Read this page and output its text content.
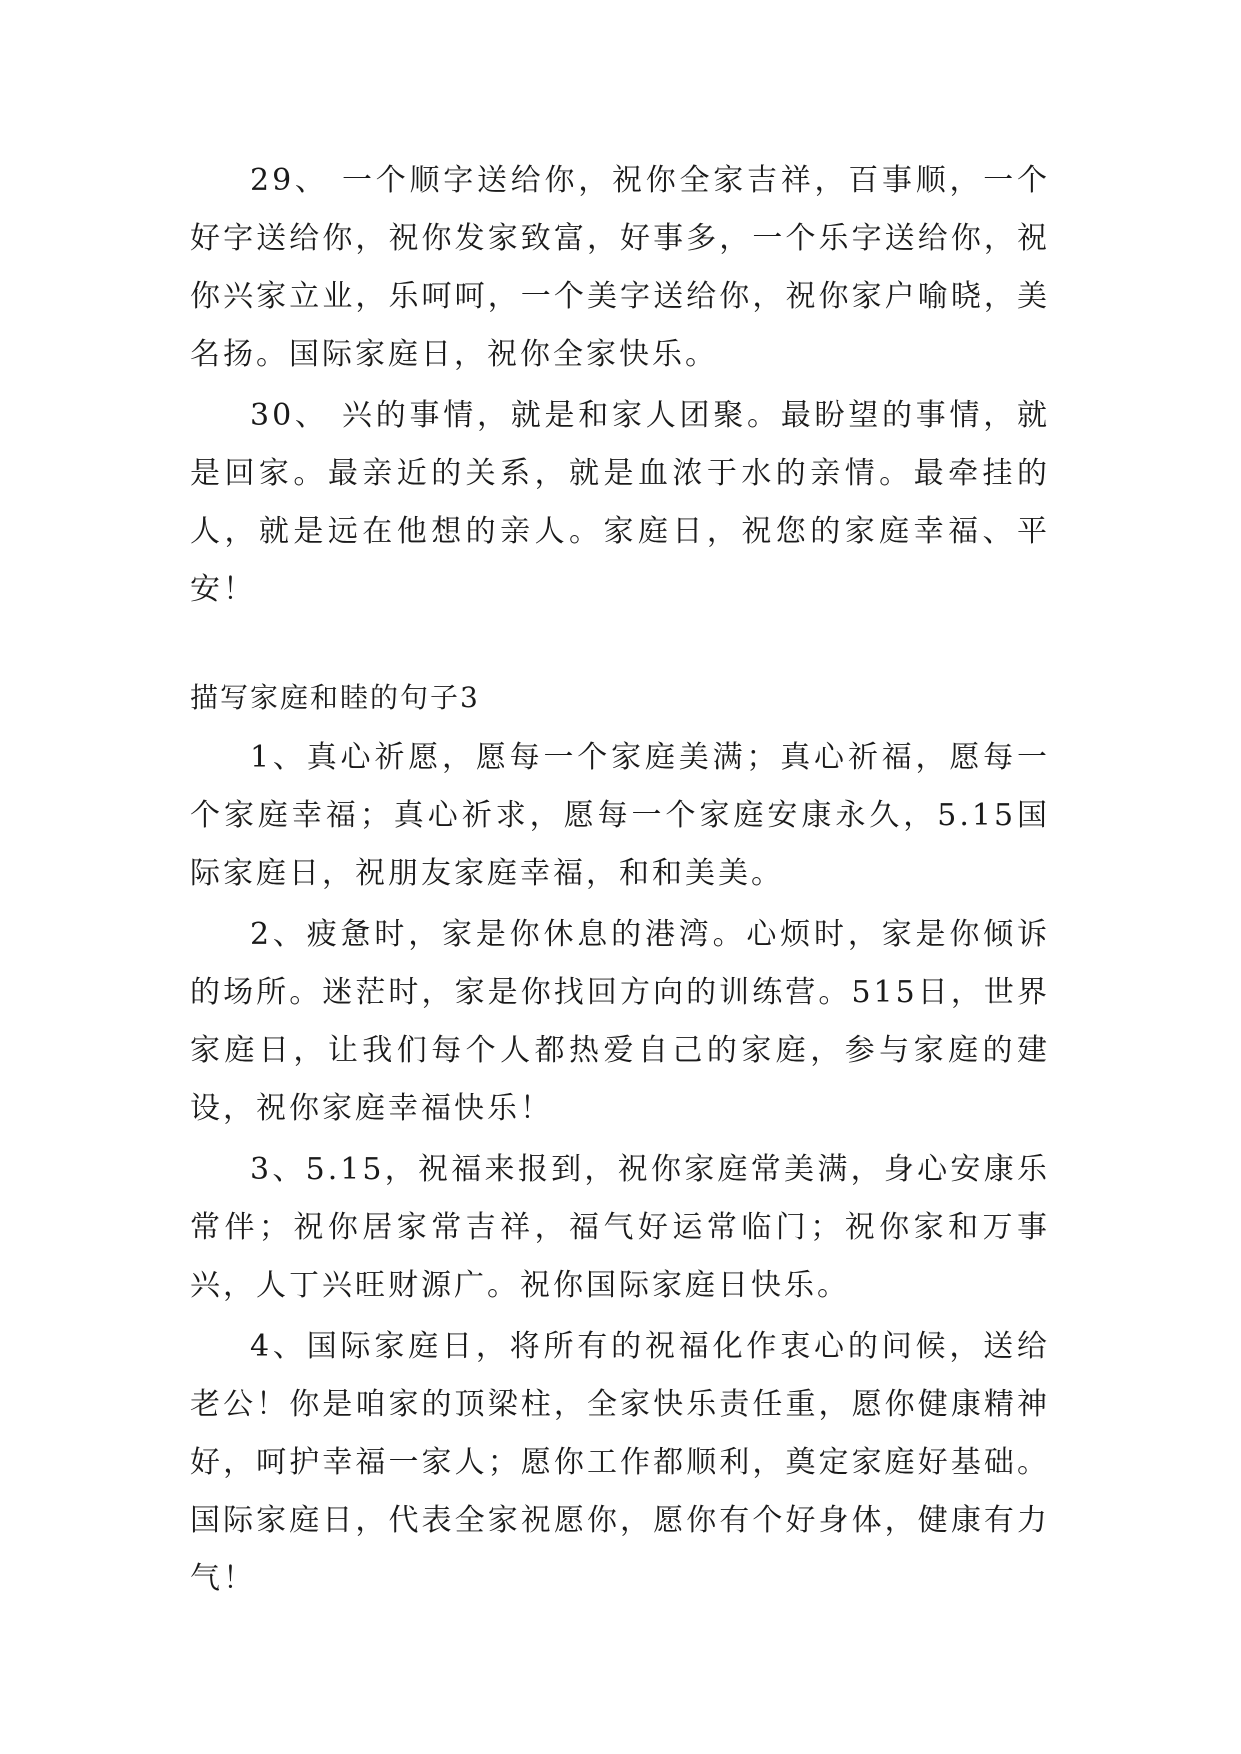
29、 一个顺字送给你，祝你全家吉祥，百事顺，一个好字送给你，祝你发家致富，好事多，一个乐字送给你，祝你兴家立业，乐呵呵，一个美字送给你，祝你家户喻晓，美名扬。国际家庭日，祝你全家快乐。

30、 兴的事情，就是和家人团聚。最盼望的事情，就是回家。最亲近的关系，就是血浓于水的亲情。最牵挂的人，就是远在他想的亲人。家庭日，祝您的家庭幸福、平安！

描写家庭和睦的句子3

1、真心祈愿，愿每一个家庭美满；真心祈福，愿每一个家庭幸福；真心祈求，愿每一个家庭安康永久，5.15国际家庭日，祝朋友家庭幸福，和和美美。

2、疲惫时，家是你休息的港湾。心烦时，家是你倾诉的场所。迷茫时，家是你找回方向的训练营。515日，世界家庭日，让我们每个人都热爱自己的家庭，参与家庭的建设，祝你家庭幸福快乐！

3、5.15，祝福来报到，祝你家庭常美满，身心安康乐常伴；祝你居家常吉祥，福气好运常临门；祝你家和万事兴，人丁兴旺财源广。祝你国际家庭日快乐。

4、国际家庭日，将所有的祝福化作衷心的问候，送给老公！你是咱家的顶梁柱，全家快乐责任重，愿你健康精神好，呵护幸福一家人；愿你工作都顺利，奠定家庭好基础。国际家庭日，代表全家祝愿你，愿你有个好身体，健康有力气！
